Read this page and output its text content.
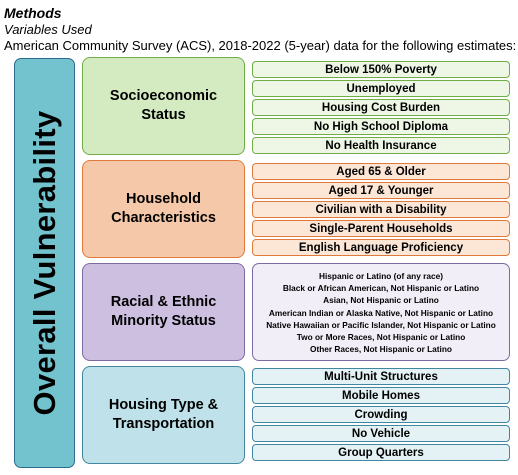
Methods
Variables Used
American Community Survey (ACS), 2018-2022 (5-year) data for the following estimates:
Overall Vulnerability
Socioeconomic
Status
Household
Characteristics
Racial & Ethnic
Minority Status
Housing Type &
Transportation
Below 150% Poverty
Unemployed
Housing Cost Burden
No High School Diploma
No Health Insurance
Aged 65 & Older
Aged 17 & Younger
Civilian with a Disability
Single-Parent Households
English Language Proficiency
Hispanic or Latino (of any race)
Black or African American, Not Hispanic or Latino
Asian, Not Hispanic or Latino
American Indian or Alaska Native, Not Hispanic or Latino
Native Hawaiian or Pacific Islander, Not Hispanic or Latino
Two or More Races, Not Hispanic or Latino
Other Races, Not Hispanic or Latino
Multi-Unit Structures
Mobile Homes
Crowding
No Vehicle
Group Quarters
